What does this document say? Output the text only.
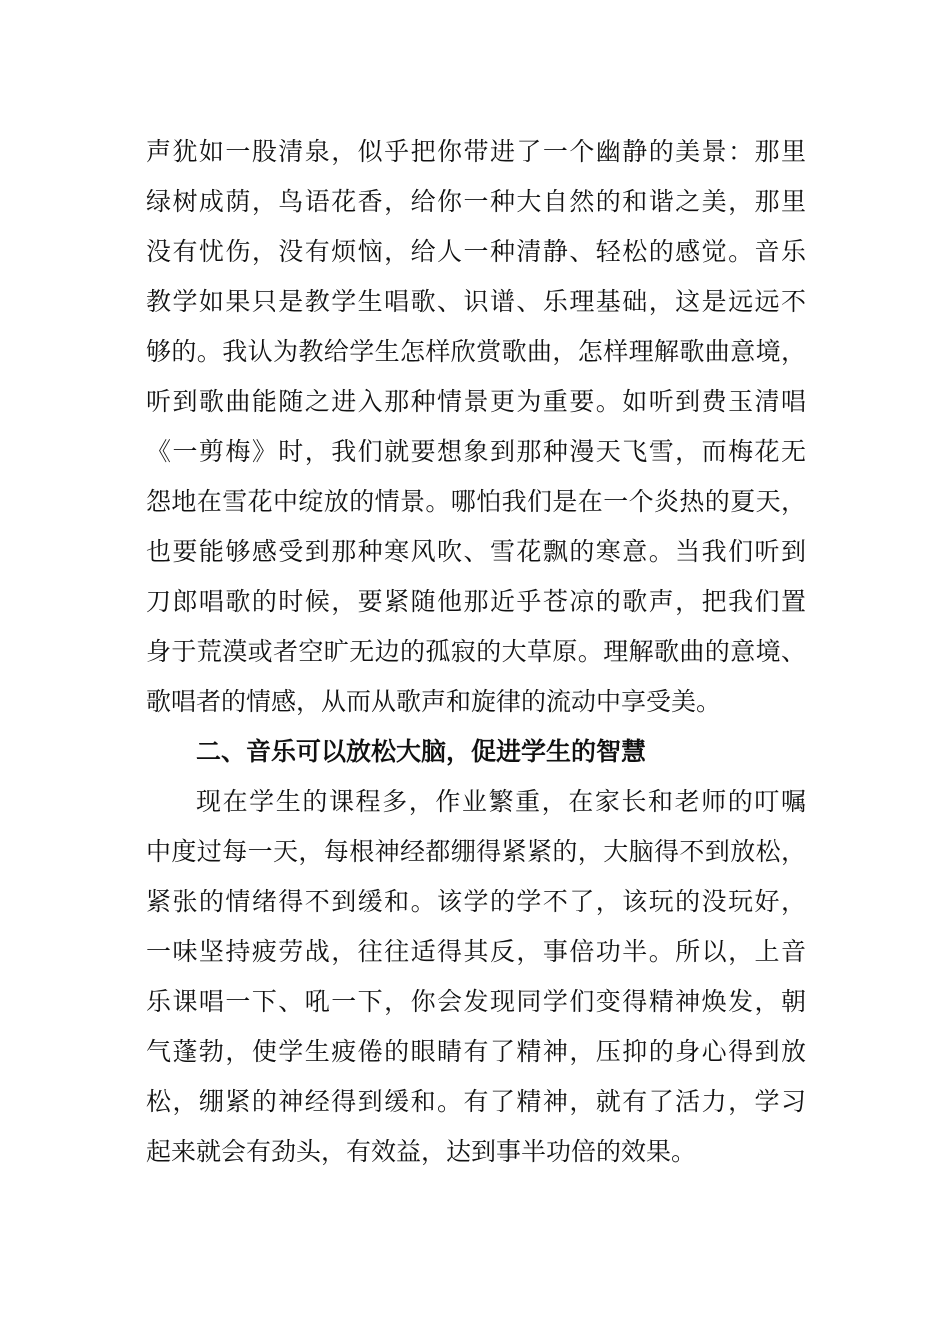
声犹如一股清泉，似乎把你带进了一个幽静的美景：那里
绿树成荫，鸟语花香，给你一种大自然的和谐之美，那里
没有忧伤，没有烦恼，给人一种清静、轻松的感觉。音乐
教学如果只是教学生唱歌、识谱、乐理基础，这是远远不
够的。我认为教给学生怎样欣赏歌曲，怎样理解歌曲意境，
听到歌曲能随之进入那种情景更为重要。如听到费玉清唱
《一剪梅》时，我们就要想象到那种漫天飞雪，而梅花无
怨地在雪花中绽放的情景。哪怕我们是在一个炎热的夏天，
也要能够感受到那种寒风吹、雪花飘的寒意。当我们听到
刀郎唱歌的时候，要紧随他那近乎苍凉的歌声，把我们置
身于荒漠或者空旷无边的孤寂的大草原。理解歌曲的意境、
歌唱者的情感，从而从歌声和旋律的流动中享受美。
二、音乐可以放松大脑，促进学生的智慧
现在学生的课程多，作业繁重，在家长和老师的叮嘱
中度过每一天，每根神经都绷得紧紧的，大脑得不到放松，
紧张的情绪得不到缓和。该学的学不了，该玩的没玩好，
一味坚持疲劳战，往往适得其反，事倍功半。所以，上音
乐课唱一下、吼一下，你会发现同学们变得精神焕发，朝
气蓬勃，使学生疲倦的眼睛有了精神，压抑的身心得到放
松，绷紧的神经得到缓和。有了精神，就有了活力，学习
起来就会有劲头，有效益，达到事半功倍的效果。
